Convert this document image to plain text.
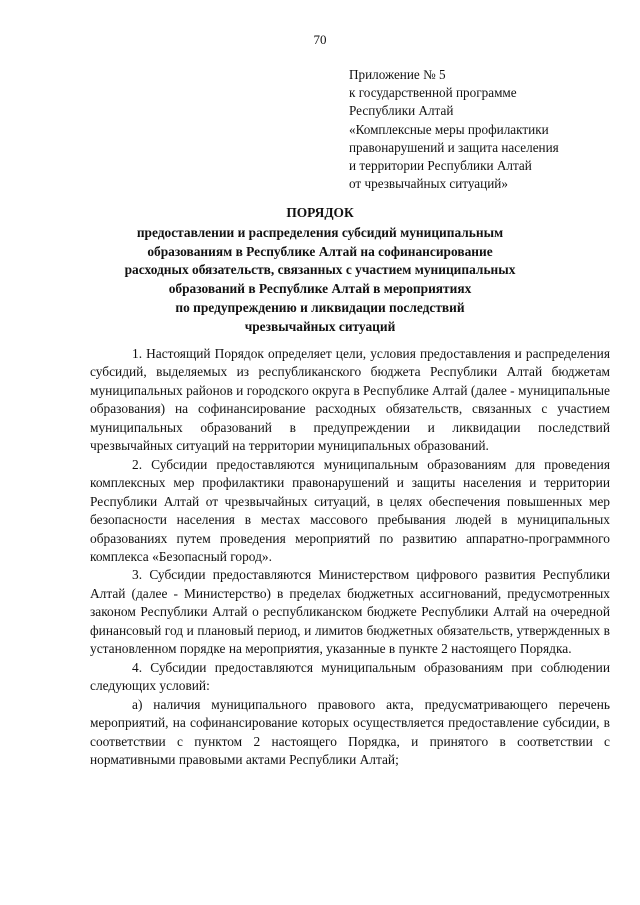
70
Приложение № 5
к государственной программе
Республики Алтай
«Комплексные меры профилактики
правонарушений и защита населения
и территории Республики Алтай
от чрезвычайных ситуаций»
ПОРЯДОК
предоставлении и распределения субсидий муниципальным
образованиям в Республике Алтай на софинансирование
расходных обязательств, связанных с участием муниципальных
образований в Республике Алтай в мероприятиях
по предупреждению и ликвидации последствий
чрезвычайных ситуаций

1. Настоящий Порядок определяет цели, условия предоставления и распределения субсидий, выделяемых из республиканского бюджета Республики Алтай бюджетам муниципальных районов и городского округа в Республике Алтай (далее - муниципальные образования) на софинансирование расходных обязательств, связанных с участием муниципальных образований в предупреждении и ликвидации последствий чрезвычайных ситуаций на территории муниципальных образований.

2. Субсидии предоставляются муниципальным образованиям для проведения комплексных мер профилактики правонарушений и защиты населения и территории Республики Алтай от чрезвычайных ситуаций, в целях обеспечения повышенных мер безопасности населения в местах массового пребывания людей в муниципальных образованиях путем проведения мероприятий по развитию аппаратно-программного комплекса «Безопасный город».

3. Субсидии предоставляются Министерством цифрового развития Республики Алтай (далее - Министерство) в пределах бюджетных ассигнований, предусмотренных законом Республики Алтай о республиканском бюджете Республики Алтай на очередной финансовый год и плановый период, и лимитов бюджетных обязательств, утвержденных в установленном порядке на мероприятия, указанные в пункте 2 настоящего Порядка.

4. Субсидии предоставляются муниципальным образованиям при соблюдении следующих условий:

а) наличия муниципального правового акта, предусматривающего перечень мероприятий, на софинансирование которых осуществляется предоставление субсидии, в соответствии с пунктом 2 настоящего Порядка, и принятого в соответствии с нормативными правовыми актами Республики Алтай;
